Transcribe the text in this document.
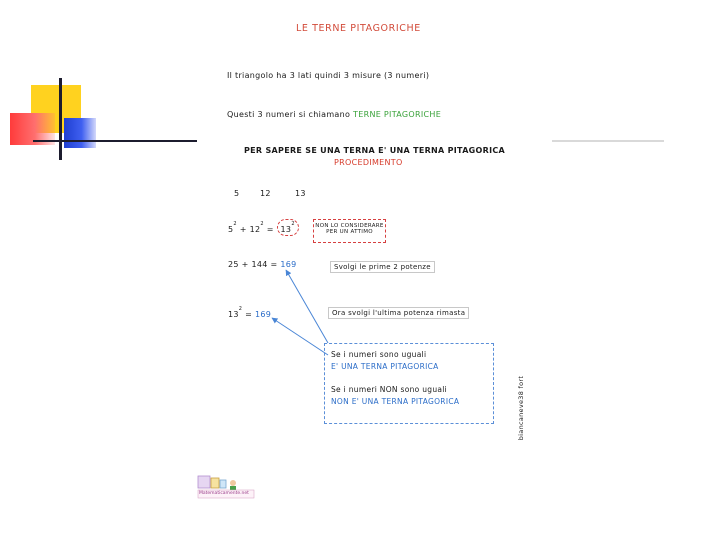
LE TERNE PITAGORICHE
Il triangolo ha 3 lati quindi 3 misure (3 numeri)
Questi 3 numeri si chiamano TERNE PITAGORICHE
PER SAPERE SE UNA TERNA E' UNA TERNA PITAGORICA
PROCEDIMENTO
5	12	13
$5^2 + 12^2 = 13^2$	NON LO CONSIDERARE
PER UN ATTIMO
25 + 144 = 169	Svolgi le prime 2 potenze
$13^2 = 169$	Ora svolgi l'ultima potenza rimasta
Se i numeri sono uguali
E' UNA TERNA PITAGORICA
Se i numeri NON sono uguali
NON E' UNA TERNA PITAGORICA	biancaneve38 fort
Matematicamente.net
